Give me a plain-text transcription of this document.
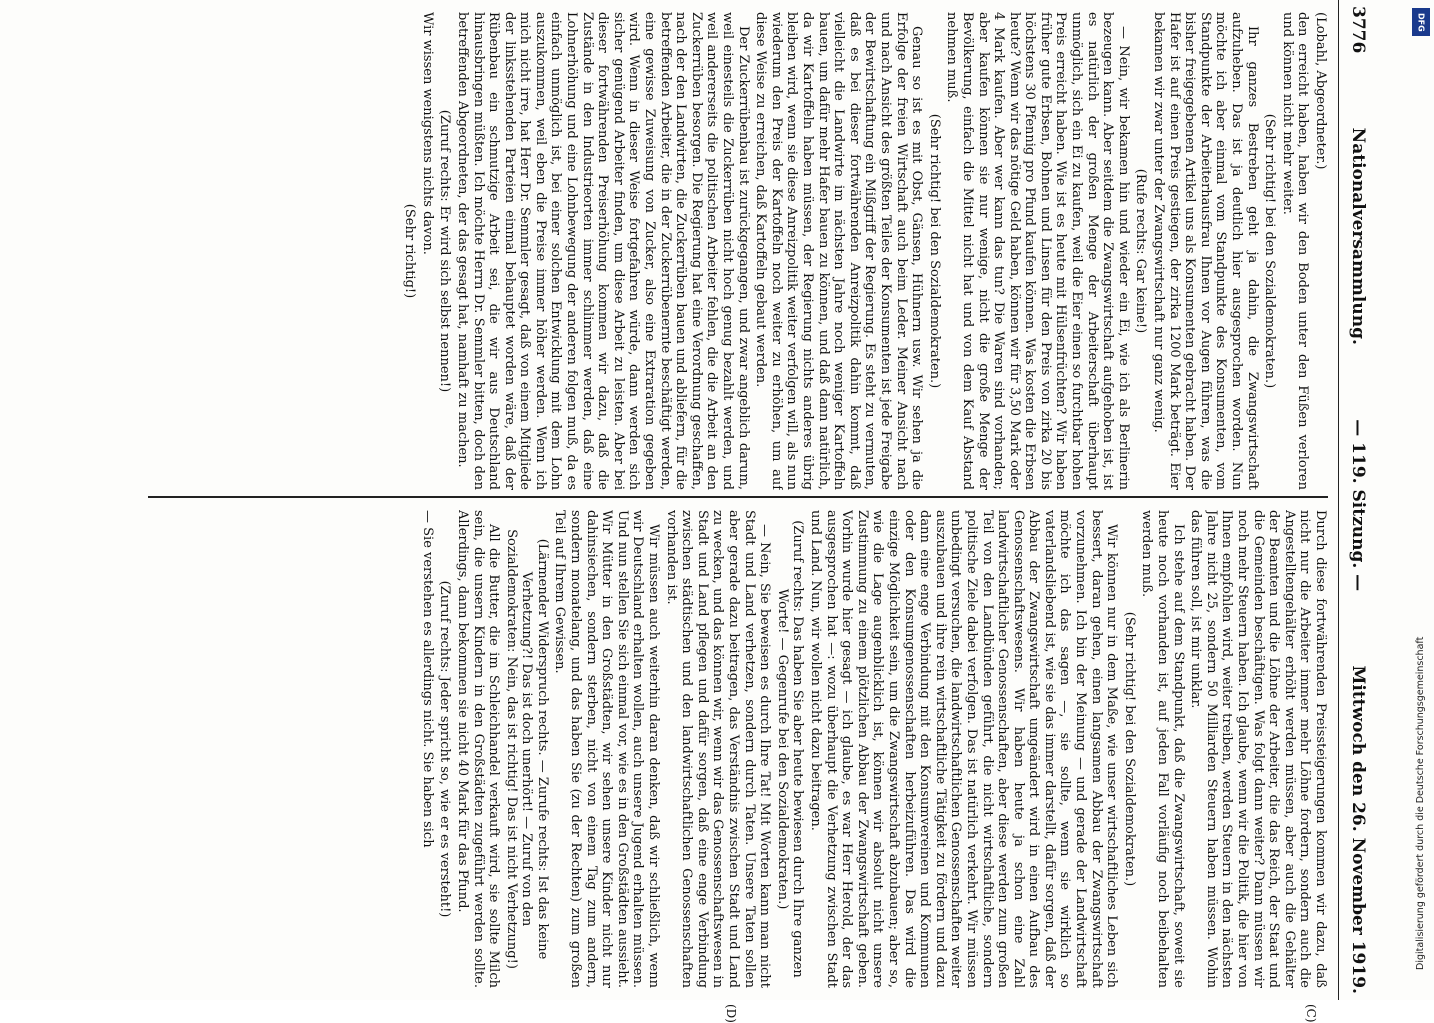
3776
Nationalversammlung.
— 119. Sitzung. —
Mittwoch den 26. November 1919.
(C)
(D)

(Lobahl, Abgeordneter.)

den erreicht haben, haben wir den Boden unter den Füßen verloren und können nicht mehr weiter.

(Sehr richtig! bei den Sozialdemokraten.)

Ihr ganzes Bestreben geht ja dahin, die Zwangswirtschaft aufzuheben. Das ist ja deutlich hier ausgesprochen worden. Nun möchte ich aber einmal vom Standpunkte des Konsumenten, vom Standpunkte der Arbeiterhausfrau Ihnen vor Augen führen, was die bisher freigegebenen Artikel uns als Konsumenten gebracht haben. Der Hafer ist auf einen Preis gestiegen, der zirka 1200 Mark beträgt. Eier bekamen wir zwar unter der Zwangswirtschaft nur ganz wenig.

(Rufe rechts: Gar keine!)

— Nein, wir bekamen hin und wieder ein Ei, wie ich als Berlinerin bezeugen kann. Aber seitdem die Zwangswirtschaft aufgehoben ist, ist es natürlich der großen Menge der Arbeiterschaft überhaupt unmöglich, sich ein Ei zu kaufen, weil die Eier einen so furchtbar hohen Preis erreicht haben. Wie ist es heute mit Hülsenfrüchten? Wir haben früher gute Erbsen, Bohnen und Linsen für den Preis von zirka 20 bis höchstens 30 Pfennig pro Pfund kaufen können. Was kosten die Erbsen heute? Wenn wir das nötige Geld haben, können wir für 3,50 Mark oder 4 Mark kaufen. Aber wer kann das tun? Die Waren sind vorhanden; aber kaufen können sie nur wenige, nicht die große Menge der Bevölkerung, einfach die Mittel nicht hat und von dem Kauf Abstand nehmen muß.

(Sehr richtig! bei den Sozialdemokraten.)

Genau so ist es mit Obst, Gänsen, Hühnern usw. Wir sehen ja die Erfolge der freien Wirtschaft auch beim Leder. Meiner Ansicht nach und nach Ansicht des größten Teiles der Konsumenten ist jede Freigabe der Bewirtschaftung ein Mißgriff der Regierung. Es steht zu vermuten, daß es bei dieser fortwährenden Anreizpolitik dahin kommt, daß vielleicht die Landwirte im nächsten Jahre noch weniger Kartoffeln bauen, um dafür mehr Hafer bauen zu können, und daß dann natürlich, da wir Kartoffeln haben müssen, der Regierung nichts anderes übrig bleiben wird, wenn sie diese Anreizpolitik weiter verfolgen will, als nun wiederum den Preis der Kartoffeln noch weiter zu erhöhen, um auf diese Weise zu erreichen, daß Kartoffeln gebaut werden.

Der Zuckerrübenbau ist zurückgegangen, und zwar angeblich darum, weil einesteils die Zuckerrüben nicht hoch genug bezahlt werden, und weil andererseits die politischen Arbeiter fehlen, die die Arbeit an den Zuckerrüben besorgen. Die Regierung hat eine Verordnung geschaffen, nach der den Landwirten, die Zuckerrüben bauen und abliefern, für die betreffenden Arbeiter, die in der Zuckerrübenernte beschäftigt werden, eine gewisse Zuweisung von Zucker, also eine Extraration gegeben wird. Wenn in dieser Weise fortgefahren würde, dann werden sich sicher genügend Arbeiter finden, um diese Arbeit zu leisten. Aber bei dieser fortwährenden Preiserhöhung kommen wir dazu, daß die Zustände in den Industrieorten immer schlimmer werden, daß eine Lohnerhöhung und eine Lohnbewegung der anderen folgen muß, da es einfach unmöglich ist, bei einer solchen Entwicklung mit dem Lohn auszukommen, weil eben die Preise immer höher werden. Wenn ich mich nicht irre, hat Herr Dr. Semmler gesagt, daß von einem Mitgliede der linksstehenden Parteien einmal behauptet worden wäre, daß der Rübenbau ein schmutzige Arbeit sei, die wir aus Deutschland hinausbringen müßten. Ich möchte Herrn Dr. Semmler bitten, doch den betreffenden Abgeordneten, der das gesagt hat, namhaft zu machen.

(Zuruf rechts: Er wird sich selbst nennen!)

Wir wissen wenigstens nichts davon.

(Sehr richtig!)

Durch diese fortwährenden Preissteigerungen kommen wir dazu, daß nicht nur die Arbeiter immer mehr Löhne fordern, sondern auch die Angestelltengehälter erhöht werden müssen, aber auch die Gehälter der Beamten und die Löhne der Arbeiter, die das Reich, der Staat und die Gemeinden beschäftigen. Was folgt dann weiter? Dann müssen wir noch mehr Steuern haben. Ich glaube, wenn wir die Politik, die hier von Ihnen empfohlen wird, weiter treiben, werden Steuern in den nächsten Jahre nicht 25, sondern 50 Milliarden Steuern haben müssen. Wohin das führen soll, ist mir unklar.

Ich stehe auf dem Standpunkt, daß die Zwangswirtschaft, soweit sie heute noch vorhanden ist, auf jeden Fall vorläufig noch beibehalten werden muß.

(Sehr richtig! bei den Sozialdemokraten.)

Wir können nur in dem Maße, wie unser wirtschaftliches Leben sich bessert, daran gehen, einen langsamen Abbau der Zwangswirtschaft vorzunehmen. Ich bin der Meinung — und gerade der Landwirtschaft möchte ich das sagen —, sie sollte, wenn sie wirklich so vaterlandsliebend ist, wie sie das immer darstellt, dafür sorgen, daß der Abbau der Zwangswirtschaft umgeändert wird in einen Aufbau des Genossenschaftswesens. Wir haben heute ja schon eine Zahl landwirtschaftlicher Genossenschaften, aber diese werden zum großen Teil von den Landbünden geführt, die nicht wirtschaftliche, sondern politische Ziele dabei verfolgen. Das ist natürlich verkehrt. Wir müssen unbedingt versuchen, die landwirtschaftlichen Genossenschaften weiter auszubauen und ihre rein wirtschaftliche Tätigkeit zu fördern und dazu dann eine enge Verbindung mit den Konsumvereinen und Kommunen oder den Konsumgenossenschaften herbeizuführen. Das wird die einzige Möglichkeit sein, um die Zwangswirtschaft abzubauen; aber so, wie die Lage augenblicklich ist, können wir absolut nicht unsere Zustimmung zu einem plötzlichen Abbau der Zwangswirtschaft geben. Vorhin wurde hier gesagt — ich glaube, es war Herr Herold, der das ausgesprochen hat —: wozu überhaupt die Verhetzung zwischen Stadt und Land. Nun, wir wollen nicht dazu beitragen.

(Zuruf rechts: Das haben Sie aber heute bewiesen durch Ihre ganzen Worte! — Gegenrufe bei den Sozialdemokraten.)

— Nein, Sie beweisen es durch Ihre Tat! Mit Worten kann man nicht Stadt und Land verhetzen, sondern durch Taten. Unsere Taten sollen aber gerade dazu beitragen, das Verständnis zwischen Stadt und Land zu wecken, und das können wir, wenn wir das Genossenschaftswesen in Stadt und Land pflegen und dafür sorgen, daß eine enge Verbindung zwischen städtischen und den landwirtschaftlichen Genossenschaften vorhanden ist.

Wir müssen auch weiterhin daran denken, daß wir schließlich, wenn wir Deutschland erhalten wollen, auch unsere Jugend erhalten müssen. Und nun stellen Sie sich einmal vor, wie es in den Großstädten aussieht. Wir Mütter in den Großstädten, wir sehen unsere Kinder nicht nur dahinsiechen, sondern sterben, nicht von einem Tag zum andern, sondern monatelang, und das haben Sie (zu der Rechten) zum großen Teil auf Ihrem Gewissen.

(Lärmender Widerspruch rechts. — Zurufe rechts: Ist das keine Verhetzung?! Das ist doch unerhört! — Zuruf von den Sozialdemokraten: Nein, das ist richtig! Das ist nicht Verhetzung!)

All die Butter, die im Schleichhandel verkauft wird, sie sollte Milch sein, die unsern Kindern in den Großstädten zugeführt werden sollte. Allerdings, dann bekommen sie nicht 40 Mark für das Pfund.

(Zuruf rechts: Jeder spricht so, wie er es versteht!)

— Sie verstehen es allerdings nicht. Sie haben sich

DFG
Digitalisierung gefördert durch die Deutsche Forschungsgemeinschaft
